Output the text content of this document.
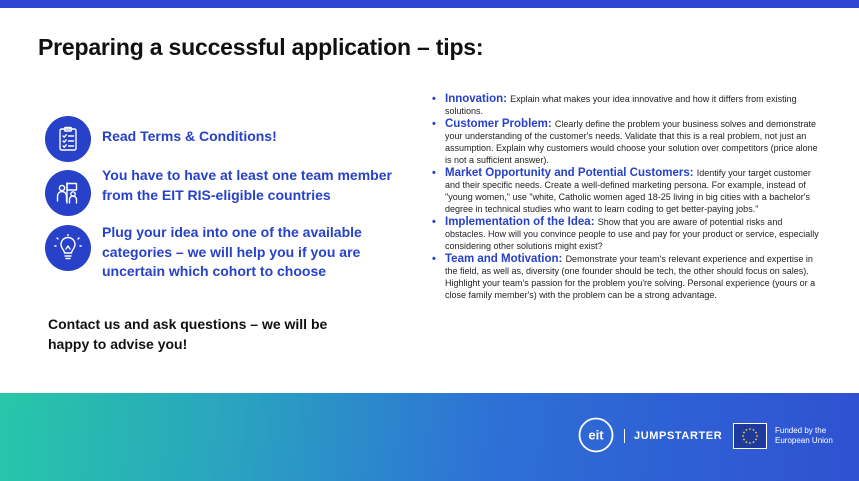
Preparing a successful application – tips:
Read Terms & Conditions!
You have to have at least one team member from the EIT RIS-eligible countries
Plug your idea into one of the available categories – we will help you if you are uncertain which cohort to choose
Contact us and ask questions – we will be happy to advise you!
• Innovation: Explain what makes your idea innovative and how it differs from existing solutions.
• Customer Problem: Clearly define the problem your business solves and demonstrate your understanding of the customer's needs. Validate that this is a real problem, not just an assumption. Explain why customers would choose your solution over competitors (price alone is not a sufficient answer).
• Market Opportunity and Potential Customers: Identify your target customer and their specific needs. Create a well-defined marketing persona. For example, instead of "young women," use "white, Catholic women aged 18-25 living in big cities with a bachelor's degree in technical studies who want to learn coding to get better-paying jobs."
• Implementation of the Idea: Show that you are aware of potential risks and obstacles. How will you convince people to use and pay for your product or service, especially considering other solutions might exist?
• Team and Motivation: Demonstrate your team's relevant experience and expertise in the field, as well as, diversity (one founder should be tech, the other should focus on sales). Highlight your team's passion for the problem you're solving. Personal experience (yours or a close family member's) with the problem can be a strong advantage.
eit	JUMPSTARTER	Funded by the European Union
